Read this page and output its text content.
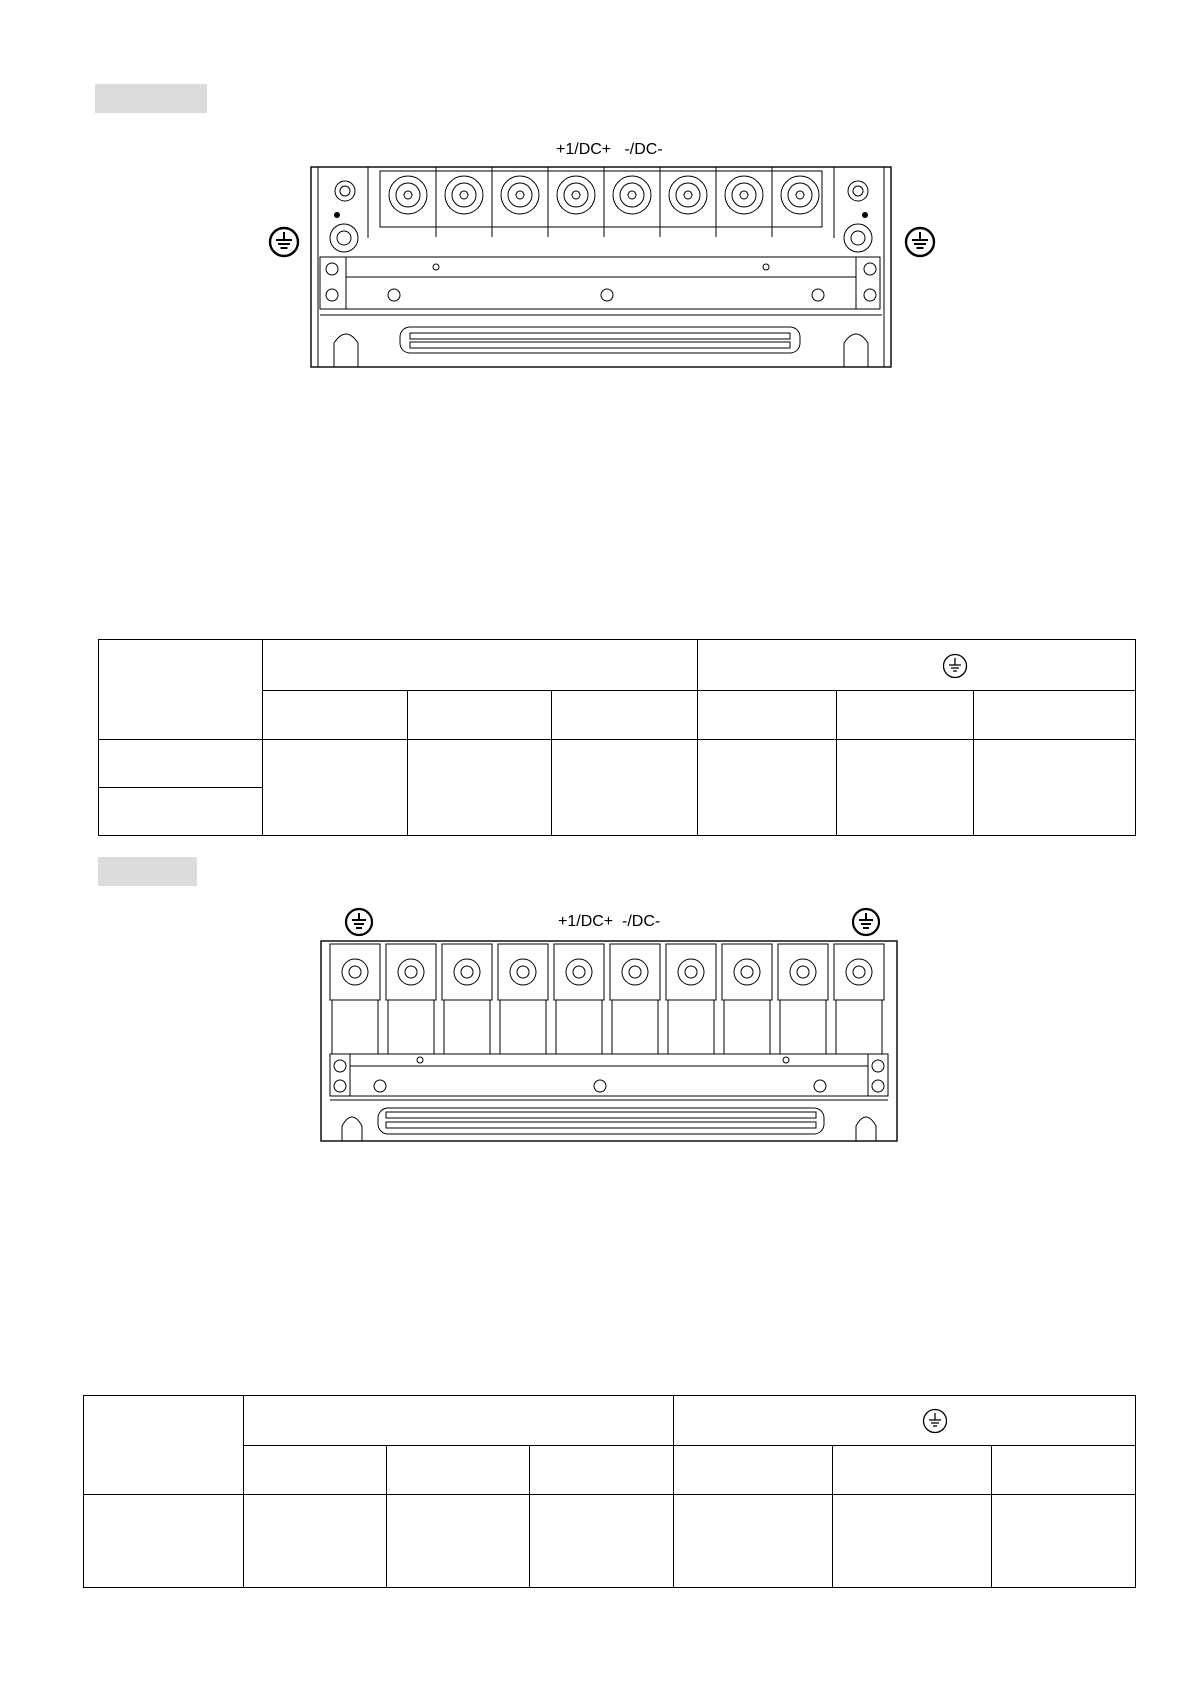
+1/DC+   -/DC-

+1/DC+  -/DC-
